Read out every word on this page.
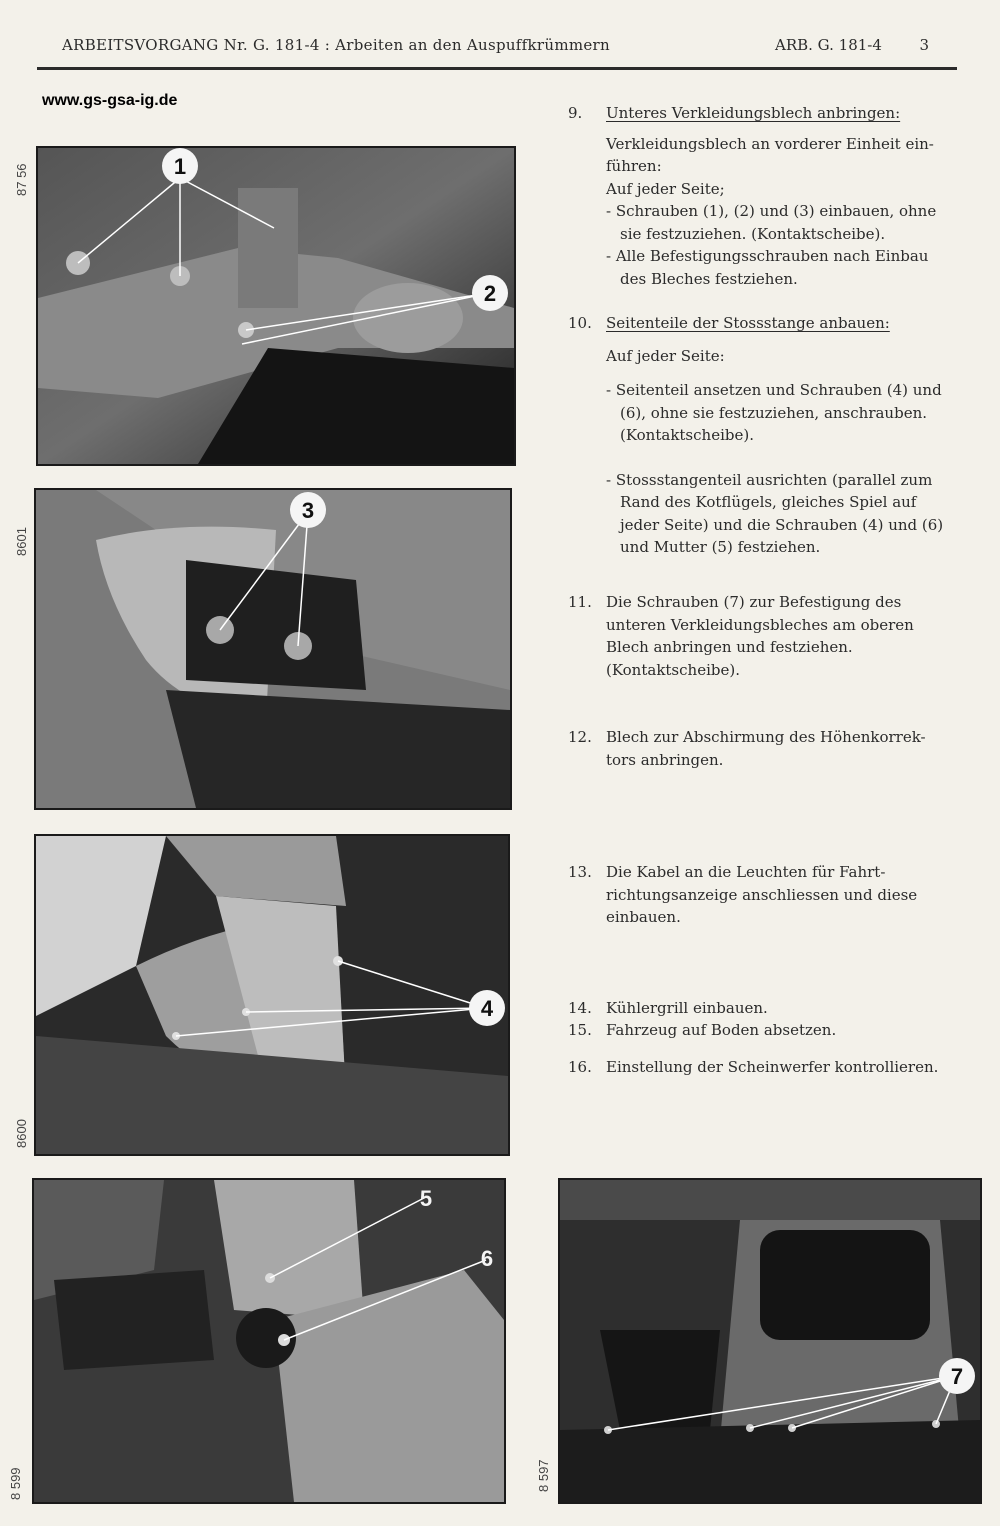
ARBEITSVORGANG Nr. G. 181-4 : Arbeiten an den Auspuffkrümmern	ARB. G. 181-4	3
www.gs-gsa-ig.de
87 56	1
2
8601
3
8600
4
8 599
5
6
8 597
7
9.	Unteres Verkleidungsblech anbringen:
Verkleidungsblech an vorderer Einheit ein-
führen:
Auf jeder Seite;
- Schrauben (1), (2) und (3) einbauen, ohne sie festzuziehen. (Kontaktscheibe).
- Alle Befestigungsschrauben nach Einbau des Bleches festziehen.
10. Seitenteile der Stossstange anbauen:
Auf jeder Seite:
- Seitenteil ansetzen und Schrauben (4) und (6), ohne sie festzuziehen, anschrauben. (Kontaktscheibe).
- Stossstangenteil ausrichten (parallel zum Rand des Kotflügels, gleiches Spiel auf jeder Seite) und die Schrauben (4) und (6) und Mutter (5) festziehen.
11. Die Schrauben (7) zur Befestigung des unteren Verkleidungsbleches am oberen Blech anbringen und festziehen. (Kontaktscheibe).
12. Blech zur Abschirmung des Höhenkorrek- tors anbringen.
13. Die Kabel an die Leuchten für Fahrt- richtungsanzeige anschliessen und diese einbauen.
14. Kühlergrill einbauen.
15. Fahrzeug auf Boden absetzen.
16. Einstellung der Scheinwerfer kontrollieren.
